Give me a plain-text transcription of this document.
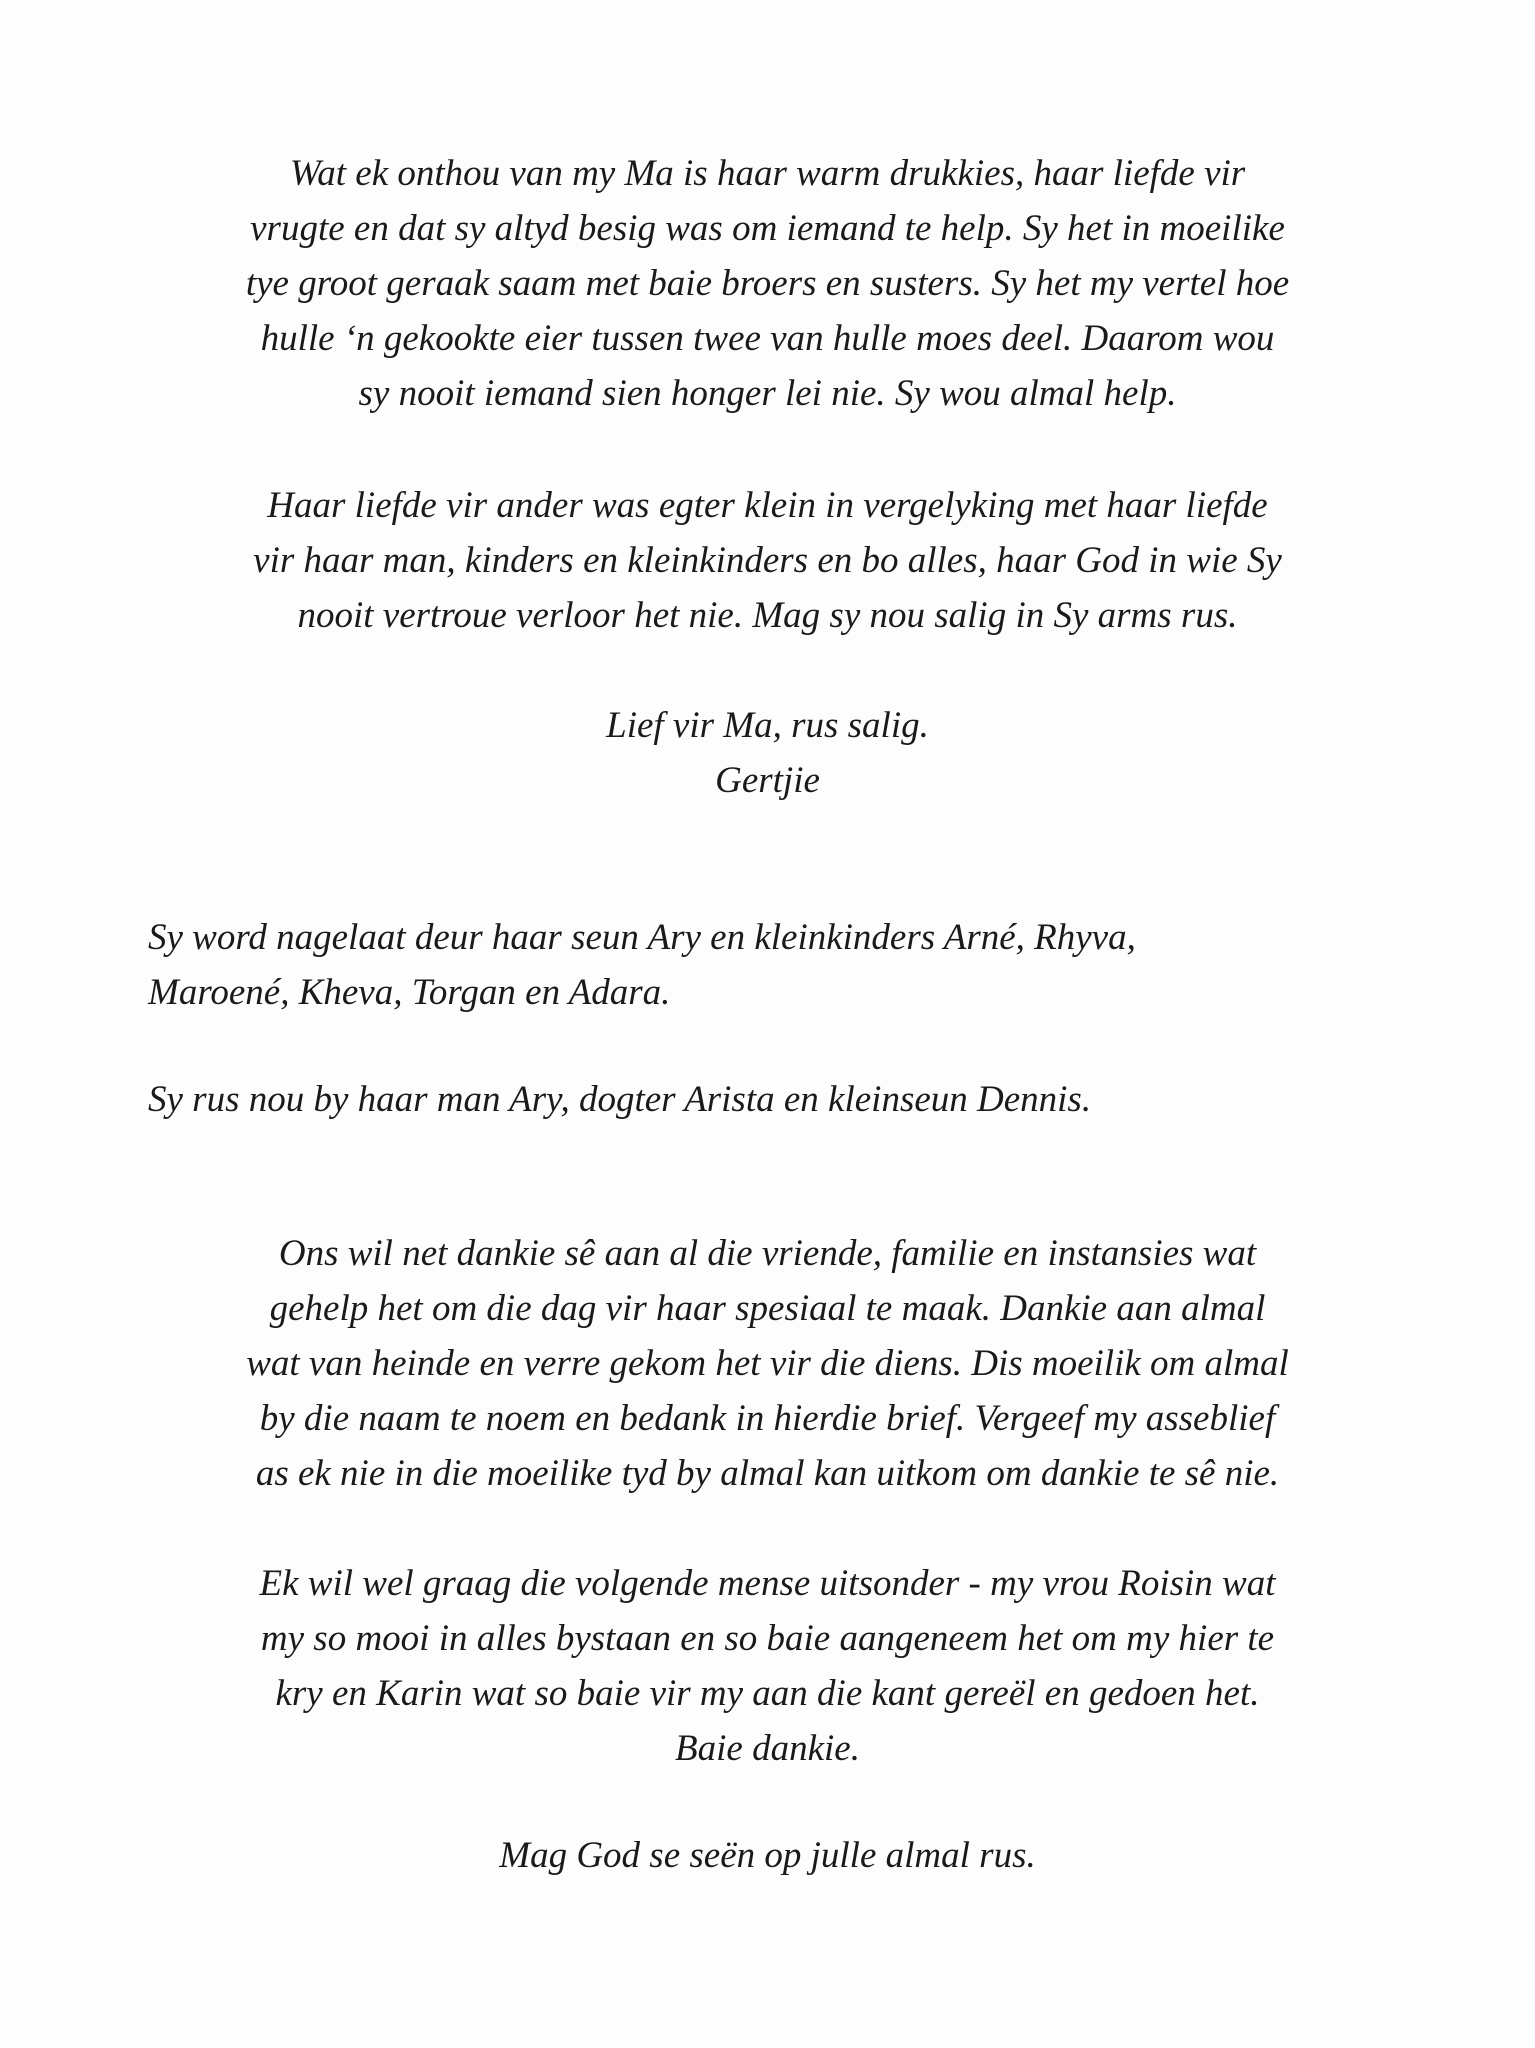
Wat ek onthou van my Ma is haar warm drukkies, haar liefde vir
vrugte en dat sy altyd besig was om iemand te help. Sy het in moeilike
tye groot geraak saam met baie broers en susters. Sy het my vertel hoe
hulle ‘n gekookte eier tussen twee van hulle moes deel. Daarom wou
sy nooit iemand sien honger lei nie. Sy wou almal help.

Haar liefde vir ander was egter klein in vergelyking met haar liefde
vir haar man, kinders en kleinkinders en bo alles, haar God in wie Sy
nooit vertroue verloor het nie. Mag sy nou salig in Sy arms rus.

Lief vir Ma, rus salig.
Gertjie

Sy word nagelaat deur haar seun Ary en kleinkinders Arné, Rhyva,
Maroené, Kheva, Torgan en Adara.

Sy rus nou by haar man Ary, dogter Arista en kleinseun Dennis.

Ons wil net dankie sê aan al die vriende, familie en instansies wat
gehelp het om die dag vir haar spesiaal te maak. Dankie aan almal
wat van heinde en verre gekom het vir die diens. Dis moeilik om almal
by die naam te noem en bedank in hierdie brief. Vergeef my asseblief
as ek nie in die moeilike tyd by almal kan uitkom om dankie te sê nie.

Ek wil wel graag die volgende mense uitsonder - my vrou Roisin wat
my so mooi in alles bystaan en so baie aangeneem het om my hier te
kry en Karin wat so baie vir my aan die kant gereël en gedoen het.
Baie dankie.

Mag God se seën op julle almal rus.
